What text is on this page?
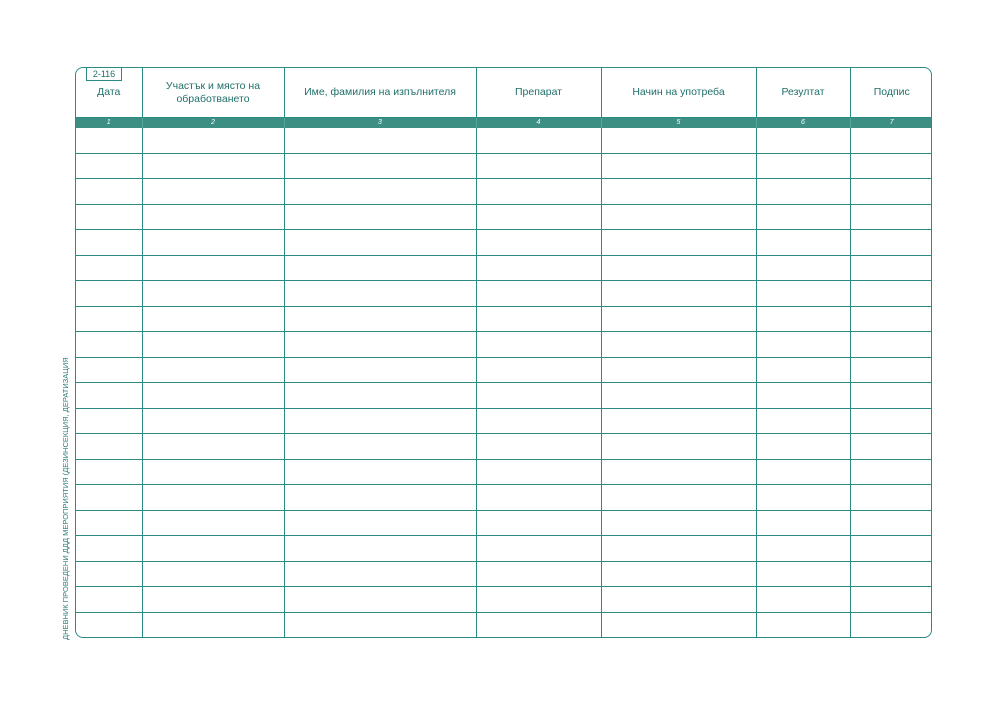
ДНЕВНИК ПРОВЕДЕНИ ДДД МЕРОПРИЯТИЯ (ДЕЗИНСЕКЦИЯ, ДЕРАТИЗАЦИЯ
2-116
Дата	Участък и място на обработването	Име, фамилия на изпълнителя	Препарат	Начин на употреба	Резултат	Подпис
1	2	3	4	5	6	7
